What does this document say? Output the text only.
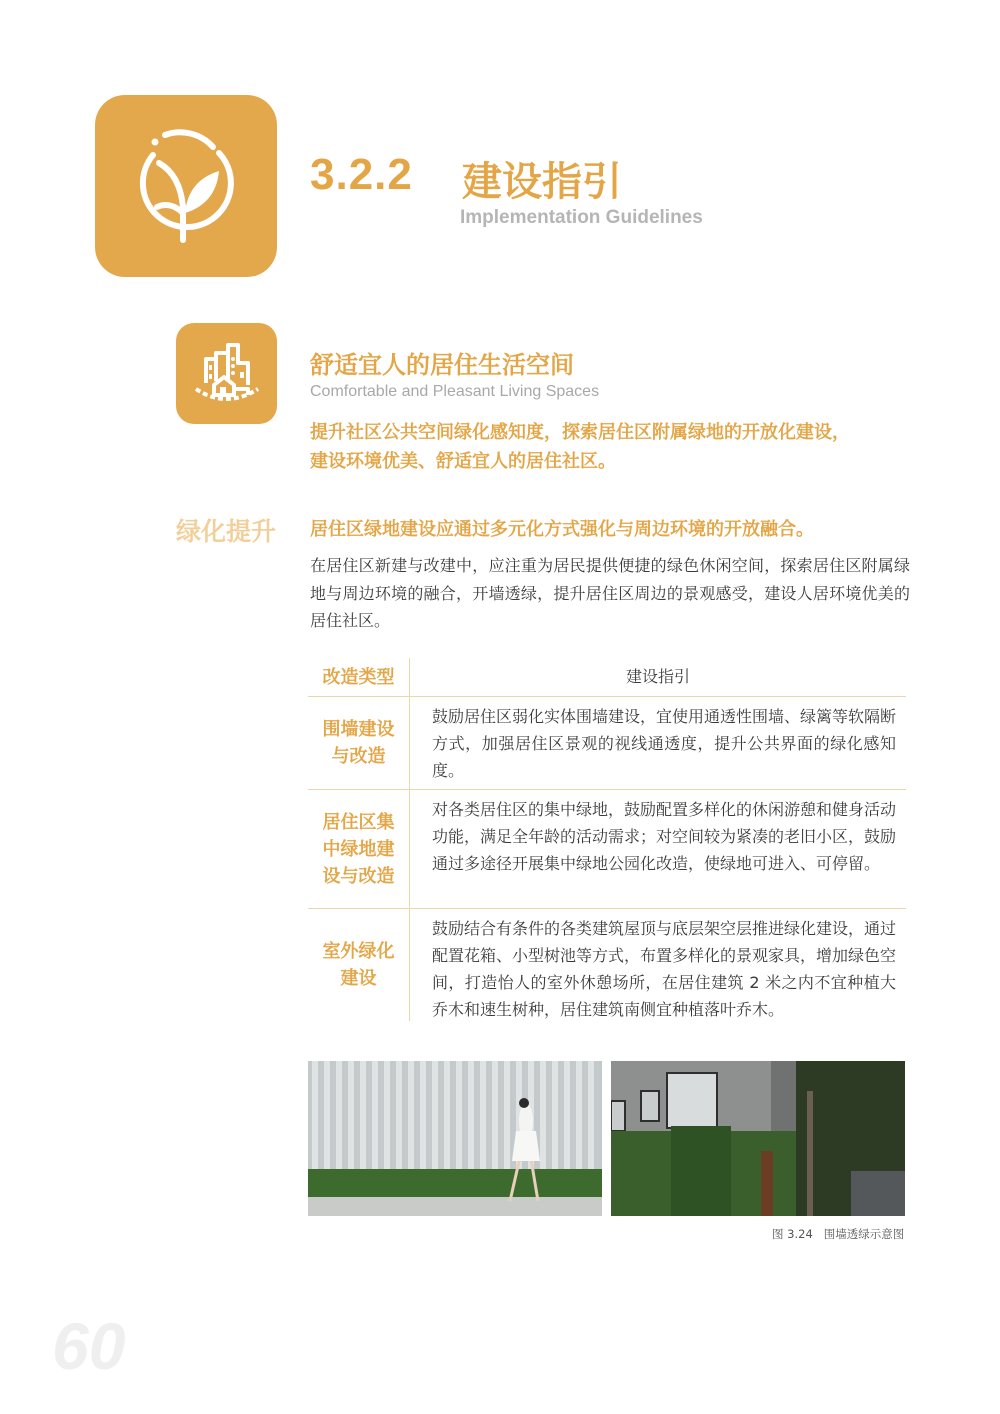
3.2.2 建设指引
Implementation Guidelines
舒适宜人的居住生活空间
Comfortable and Pleasant Living Spaces
提升社区公共空间绿化感知度，探索居住区附属绿地的开放化建设，
建设环境优美、舒适宜人的居住社区。
绿化提升 居住区绿地建设应通过多元化方式强化与周边环境的开放融合。
在居住区新建与改建中，应注重为居民提供便捷的绿色休闲空间，探索居住区附属绿地与周边环境的融合，开墙透绿，提升居住区周边的景观感受，建设人居环境优美的居住社区。
改造类型	建设指引
围墙建设与改造
鼓励居住区弱化实体围墙建设，宜使用通透性围墙、绿篱等软隔断方式，加强居住区景观的视线通透度，提升公共界面的绿化感知度。
居住区集中绿地建设与改造
对各类居住区的集中绿地，鼓励配置多样化的休闲游憩和健身活动功能，满足全年龄的活动需求；对空间较为紧凑的老旧小区，鼓励通过多途径开展集中绿地公园化改造，使绿地可进入、可停留。
室外绿化建设
鼓励结合有条件的各类建筑屋顶与底层架空层推进绿化建设，通过配置花箱、小型树池等方式，布置多样化的景观家具，增加绿色空间，打造怡人的室外休憩场所，在居住建筑 2 米之内不宜种植大乔木和速生树种，居住建筑南侧宜种植落叶乔木。
图 3.24 围墙透绿示意图
60
